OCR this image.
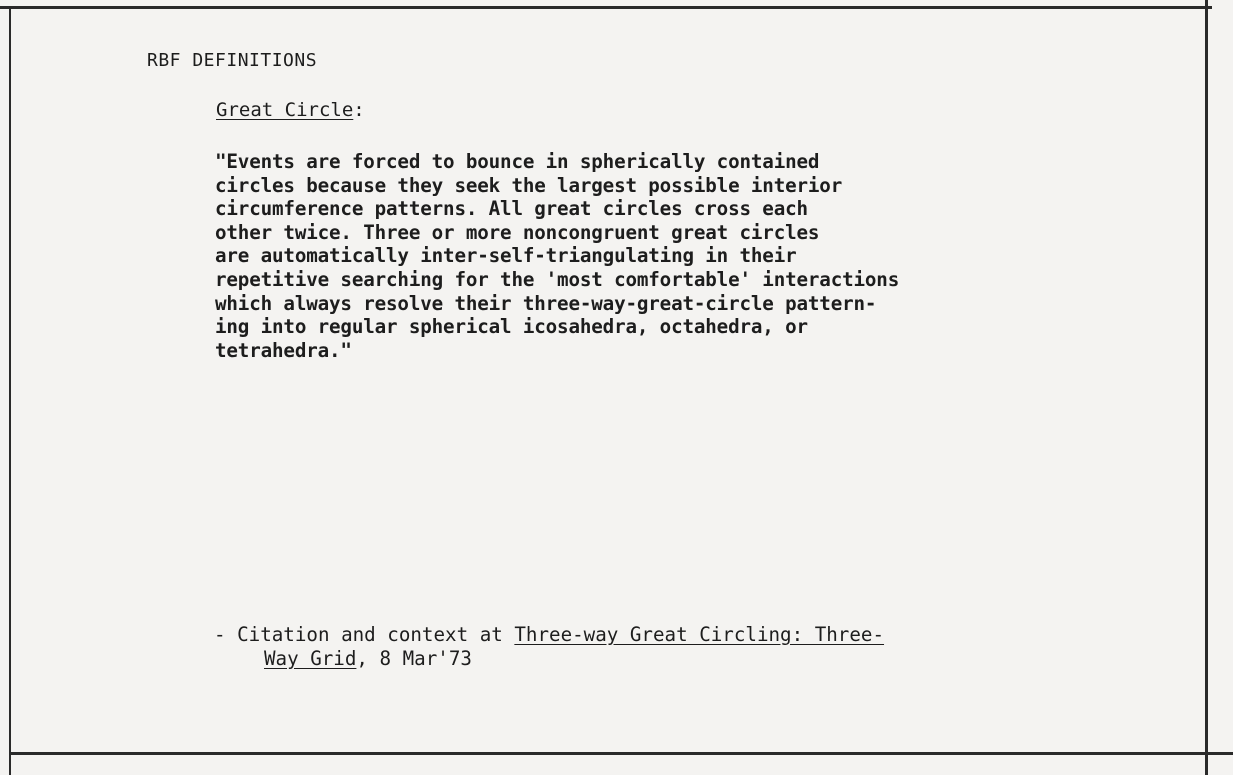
RBF DEFINITIONS
Great Circle:
"Events are forced to bounce in spherically contained
circles because they seek the largest possible interior
circumference patterns. All great circles cross each
other twice. Three or more noncongruent great circles
are automatically inter-self-triangulating in their
repetitive searching for the 'most comfortable' interactions
which always resolve their three-way-great-circle pattern-
ing into regular spherical icosahedra, octahedra, or
tetrahedra."
- Citation and context at Three-way Great Circling: Three-
Way Grid, 8 Mar'73
